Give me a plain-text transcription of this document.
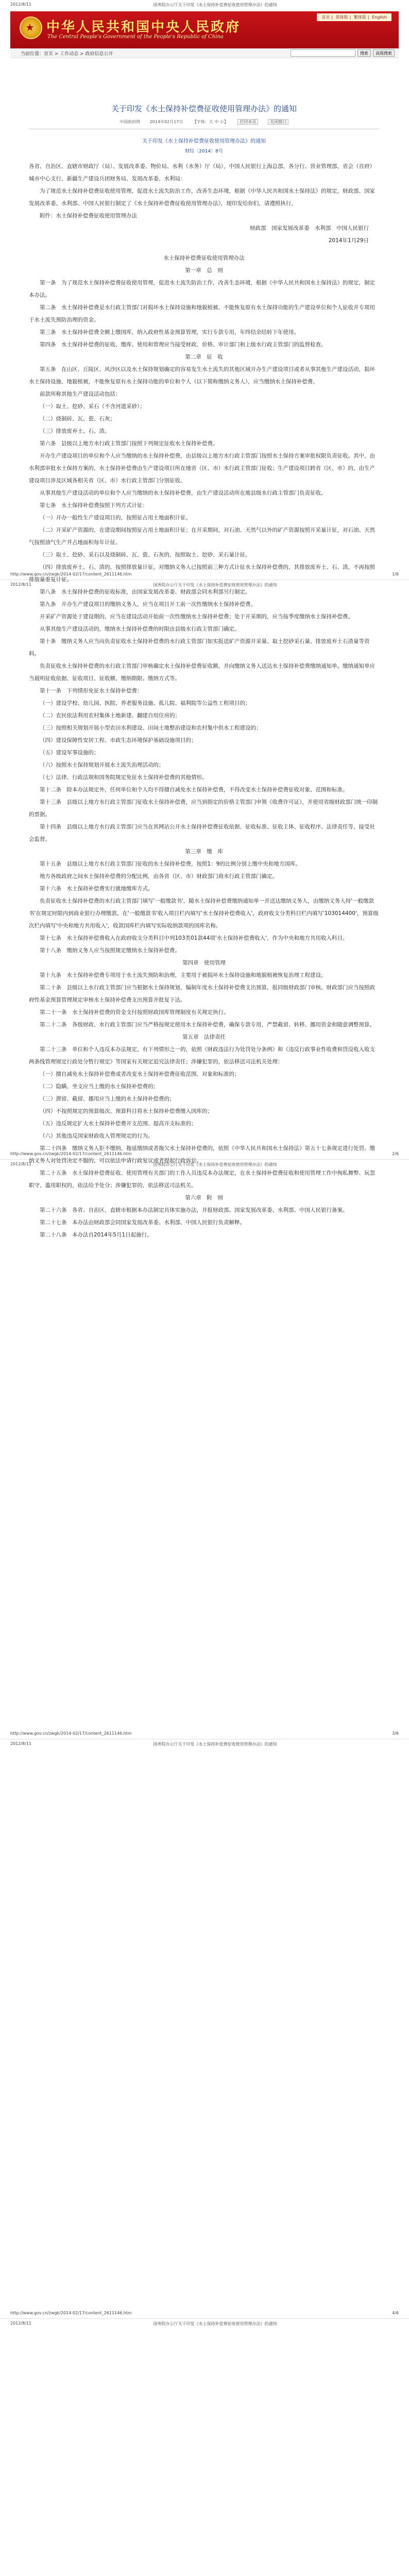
2012/8/11	国务院办公厅关于印发《水土保持补偿费征收使用管理办法》的通知
http://www.gov.cn/zwgk/2014-02/17/content_2611146.htm	1/6
2012/8/11	国务院办公厅关于印发《水土保持补偿费征收使用管理办法》的通知
http://www.gov.cn/zwgk/2014-02/17/content_2611146.htm	2/6
2012/8/11	国务院办公厅关于印发《水土保持补偿费征收使用管理办法》的通知
http://www.gov.cn/zwgk/2014-02/17/content_2611146.htm	3/6
2012/8/11	国务院办公厅关于印发《水土保持补偿费征收使用管理办法》的通知
http://www.gov.cn/zwgk/2014-02/17/content_2611146.htm	4/6
2012/8/11	国务院办公厅关于印发《水土保持补偿费征收使用管理办法》的通知
★ 中华人民共和国中央人民政府
The Central People's Government of the People's Republic of China
首页 | 简体版 | 繁体版 | English
当前位置：首页 > 工作动态 > 政府信息公开	搜索	高级搜索
关于印发《水土保持补偿费征收使用管理办法》的通知
中国政府网 2014年02月17日 【字体：大 中 小】	打印本页	关闭窗口
关于印发《水土保持补偿费征收使用管理办法》的通知
财综〔2014〕8号

各省、自治区、直辖市财政厅（局）、发展改革委、物价局、水利（水务）厅（局），中国人民银行上海总部，各分行、营业管理部，省会（首府）城市中心支行，新疆生产建设兵团财务局、发展改革委、水利局：

为了规范水土保持补偿费征收使用管理，促进水土流失防治工作，改善生态环境，根据《中华人民共和国水土保持法》的规定，财政部、国家发展改革委、水利部、中国人民银行制定了《水土保持补偿费征收使用管理办法》，现印发给你们，请遵照执行。

附件：水土保持补偿费征收使用管理办法

财政部　国家发展改革委　水利部　中国人民银行

2014年1月29日

水土保持补偿费征收使用管理办法

第一章　总　则

第一条　为了规范水土保持补偿费征收使用管理，促进水土流失防治工作，改善生态环境，根据《中华人民共和国水土保持法》的规定，制定本办法。

第二条　水土保持补偿费是水行政主管部门对损坏水土保持设施和地貌植被、不能恢复原有水土保持功能的生产建设单位和个人征收并专项用于水土流失预防治理的资金。

第三条　水土保持补偿费全额上缴国库，纳入政府性基金预算管理，实行专款专用，年终结余结转下年使用。

第四条　水土保持补偿费的征收、缴库、使用和管理应当接受财政、价格、审计部门和上级水行政主管部门的监督检查。

第二章　征　收

第五条　在山区、丘陵区、风沙区以及水土保持规划确定的容易发生水土流失的其他区域开办生产建设项目或者从事其他生产建设活动，损坏水土保持设施、地貌植被，不能恢复原有水土保持功能的单位和个人（以下简称缴纳义务人），应当缴纳水土保持补偿费。

前款所称其他生产建设活动包括：

（一）取土、挖砂、采石（不含河道采砂）；

（二）烧制砖、瓦、瓷、石灰；

（三）排放废弃土、石、渣。

第六条　县级以上地方水行政主管部门按照下列规定征收水土保持补偿费。

开办生产建设项目的单位和个人应当缴纳的水土保持补偿费，由县级以上地方水行政主管部门按照水土保持方案审批权限负责征收。其中，由水利部审批水土保持方案的，水土保持补偿费由生产建设项目所在地省（区、市）水行政主管部门征收；生产建设项目跨省（区、市）的，由生产建设项目涉及区域各相关省（区、市）水行政主管部门分别征收。

从事其他生产建设活动的单位和个人应当缴纳的水土保持补偿费，由生产建设活动所在地县级水行政主管部门负责征收。

第七条　水土保持补偿费按照下列方式计征：

（一）开办一般性生产建设项目的，按照征占用土地面积计征。

（二）开采矿产资源的，在建设期间按照征占用土地面积计征；在开采期间，对石油、天然气以外的矿产资源按照开采量计征，对石油、天然气按照油气生产井占地面积每年计征。

（三）取土、挖砂、采石以及烧制砖、瓦、瓷、石灰的，按照取土、挖砂、采石量计征。

（四）排放废弃土、石、渣的，按照排放量计征。对缴纳义务人已按照前三种方式计征水土保持补偿费的，其排放废弃土、石、渣，不再按照排放量重复计征。

第八条　水土保持补偿费的征收标准，由国家发展改革委、财政部会同水利部另行制定。

第九条　开办生产建设项目的缴纳义务人，应当在项目开工前一次性缴纳水土保持补偿费。

开采矿产资源处于建设期的，应当在建设活动开始前一次性缴纳水土保持补偿费；处于开采期的，应当按季度缴纳水土保持补偿费。

从事其他生产建设活动的，缴纳水土保持补偿费的时限由县级水行政主管部门确定。

第十条　缴纳义务人应当向负责征收水土保持补偿费的水行政主管部门如实报送矿产资源开采量、取土挖砂采石量、排放废弃土石渣量等资料。

负责征收水土保持补偿费的水行政主管部门审核确定水土保持补偿费征收额，并向缴纳义务人送达水土保持补偿费缴纳通知单。缴纳通知单应当载明征收依据、征收项目、征收额、缴纳期限、缴纳方式等。

第十一条　下列情形免征水土保持补偿费：

（一）建设学校、幼儿园、医院、养老服务设施、孤儿院、福利院等公益性工程项目的；

（二）农民依法利用农村集体土地新建、翻建自用住房的；

（三）按照相关规划开展小型农田水利建设、田间土地整治建设和农村集中供水工程建设的；

（四）建设保障性安居工程、市政生态环境保护基础设施项目的；

（五）建设军事设施的；

（六）按照水土保持规划开展水土流失治理活动的；

（七）法律、行政法规和国务院规定免征水土保持补偿费的其他情形。

第十二条　除本办法规定外，任何单位和个人均不得擅自减免水土保持补偿费，不得改变水土保持补偿费征收对象、范围和标准。

第十三条　县级以上地方水行政主管部门征收水土保持补偿费，应当到指定的价格主管部门申领《收费许可证》，并使用省级财政部门统一印制的票据。

第十四条　县级以上地方水行政主管部门应当在其网站公开水土保持补偿费征收依据、征收标准、征收主体、征收程序、法律责任等，接受社会监督。

第三章　缴　库

第十五条　县级以上地方水行政主管部门征收的水土保持补偿费，按照1：9的比例分别上缴中央和地方国库。

地方各级政府之间水土保持补偿费的分配比例，由各省（区、市）财政部门商水行政主管部门确定。

第十六条　水土保持补偿费实行就地缴库方式。

负责征收水土保持补偿费的水行政主管部门填写'一般缴款书'，随水土保持补偿费缴纳通知单一并送达缴纳义务人，由缴纳义务人持'一般缴款书'在规定时限内到商业银行办理缴款。在'一般缴款书'收入项目栏内填写'水土保持补偿费收入'，政府收支分类科目栏内填写'103014400'，预算级次栏内填写'中央和地方共用收入'，收款国库栏内填写实际收纳款项的国库名称。

第十七条　水土保持补偿费收入在政府收支分类科目中列103类01款44项'水土保持补偿费收入'，作为中央和地方共用收入科目。

第十八条　缴纳义务人应当按照规定缴纳水土保持补偿费。

第四章　使用管理

第十九条　水土保持补偿费专项用于水土流失预防和治理，主要用于被损坏水土保持设施和地貌植被恢复治理工程建设。

第二十条　县级以上水行政主管部门应当根据水土保持规划，编制年度水土保持补偿费支出预算，报同级财政部门审核。财政部门应当按照政府性基金预算管理规定审核水土保持补偿费支出预算并批复下达。

第二十一条　水土保持补偿费的资金支付按照财政国库管理制度有关规定执行。

第二十二条　各级财政、水行政主管部门应当严格按规定使用水土保持补偿费，确保专款专用，严禁截留、转移、挪用资金和随意调整预算。

第五章　法律责任

第二十三条　单位和个人违反本办法规定，有下列情形之一的，依照《财政违法行为处罚处分条例》和《违反行政事业性收费和罚没收入收支两条线管理规定行政处分暂行规定》等国家有关规定追究法律责任；涉嫌犯罪的，依法移送司法机关处理：

（一）擅自减免水土保持补偿费或者改变水土保持补偿费征收范围、对象和标准的；

（二）隐瞒、坐支应当上缴的水土保持补偿费的；

（三）滞留、截留、挪用应当上缴的水土保持补偿费的；

（四）不按照规定的预算级次、预算科目将水土保持补偿费缴入国库的；

（五）违反规定扩大水土保持补偿费开支范围、提高开支标准的；

（六）其他违反国家财政收入管理规定的行为。

第二十四条　缴纳义务人拒不缴纳、拖延缴纳或者拖欠水土保持补偿费的，依照《中华人民共和国水土保持法》第五十七条规定进行处罚。缴纳义务人对处罚决定不服的，可以依法申请行政复议或者提起行政诉讼。

第二十五条　水土保持补偿费征收、使用管理有关部门的工作人员违反本办法规定，在水土保持补偿费征收和使用管理工作中徇私舞弊、玩忽职守、滥用职权的，依法给予处分；涉嫌犯罪的，依法移送司法机关。

第六章　附　则

第二十六条　各省、自治区、直辖市根据本办法制定具体实施办法，并报财政部、国家发展改革委、水利部、中国人民银行备案。

第二十七条　本办法由财政部会同国家发展改革委、水利部、中国人民银行负责解释。

第二十八条　本办法自2014年5月1日起施行。
